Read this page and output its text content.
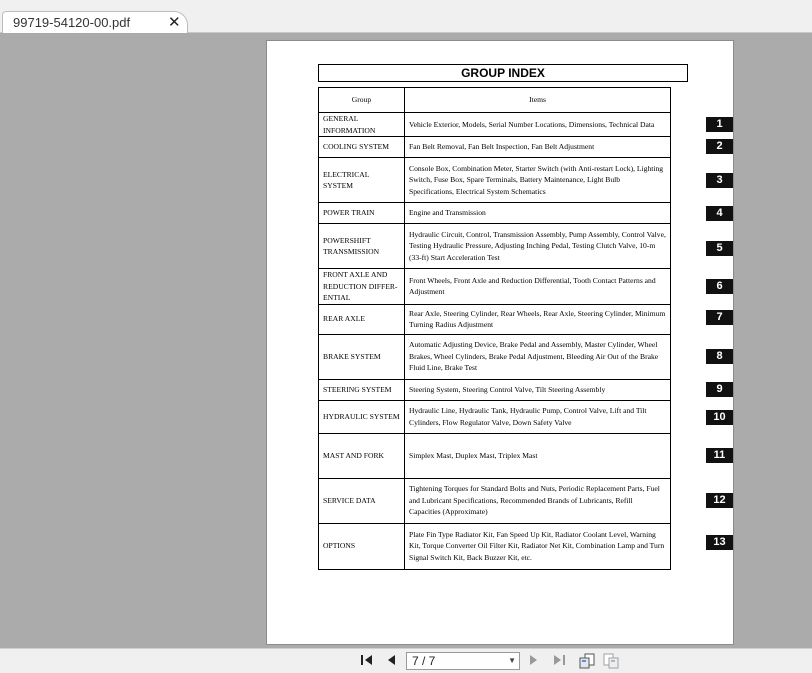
99719-54120-00.pdf	✕
GROUP INDEX
Group	Items
GENERAL INFORMATION	Vehicle Exterior, Models, Serial Number Locations, Dimensions, Technical Data
COOLING SYSTEM	Fan Belt Removal, Fan Belt Inspection, Fan Belt Adjustment
ELECTRICAL SYSTEM	Console Box, Combination Meter, Starter Switch (with Anti-restart Lock), Lighting Switch, Fuse Box, Spare Terminals, Battery Maintenance, Light Bulb Specifications, Electrical System Schematics
POWER TRAIN	Engine and Transmission
POWERSHIFT TRANSMISSION	Hydraulic Circuit, Control, Transmission Assembly, Pump Assembly, Control Valve, Testing Hydraulic Pressure, Adjusting Inching Pedal, Testing Clutch Valve, 10-m (33-ft) Start Acceleration Test
FRONT AXLE AND REDUCTION DIFFER-ENTIAL	Front Wheels, Front Axle and Reduction Differential, Tooth Contact Patterns and Adjustment
REAR AXLE	Rear Axle, Steering Cylinder, Rear Wheels, Rear Axle, Steering Cylinder, Minimum Turning Radius Adjustment
BRAKE SYSTEM	Automatic Adjusting Device, Brake Pedal and Assembly, Master Cylinder, Wheel Brakes, Wheel Cylinders, Brake Pedal Adjustment, Bleeding Air Out of the Brake Fluid Line, Brake Test
STEERING SYSTEM	Steering System, Steering Control Valve, Tilt Steering Assembly
HYDRAULIC SYSTEM	Hydraulic Line, Hydraulic Tank, Hydraulic Pump, Control Valve, Lift and Tilt Cylinders, Flow Regulator Valve, Down Safety Valve
MAST AND FORK	Simplex Mast, Duplex Mast, Triplex Mast
SERVICE DATA	Tightening Torques for Standard Bolts and Nuts, Periodic Replacement Parts, Fuel and Lubricant Specifications, Recommended Brands of Lubricants, Refill Capacities (Approximate)
OPTIONS	Plate Fin Type Radiator Kit, Fan Speed Up Kit, Radiator Coolant Level, Warning Kit, Torque Converter Oil Filter Kit, Radiator Net Kit, Combination Lamp and Turn Signal Switch Kit, Back Buzzer Kit, etc.
1
2
3
4
5
6
7
8
9
10
11
12
13
7 / 7	▼
